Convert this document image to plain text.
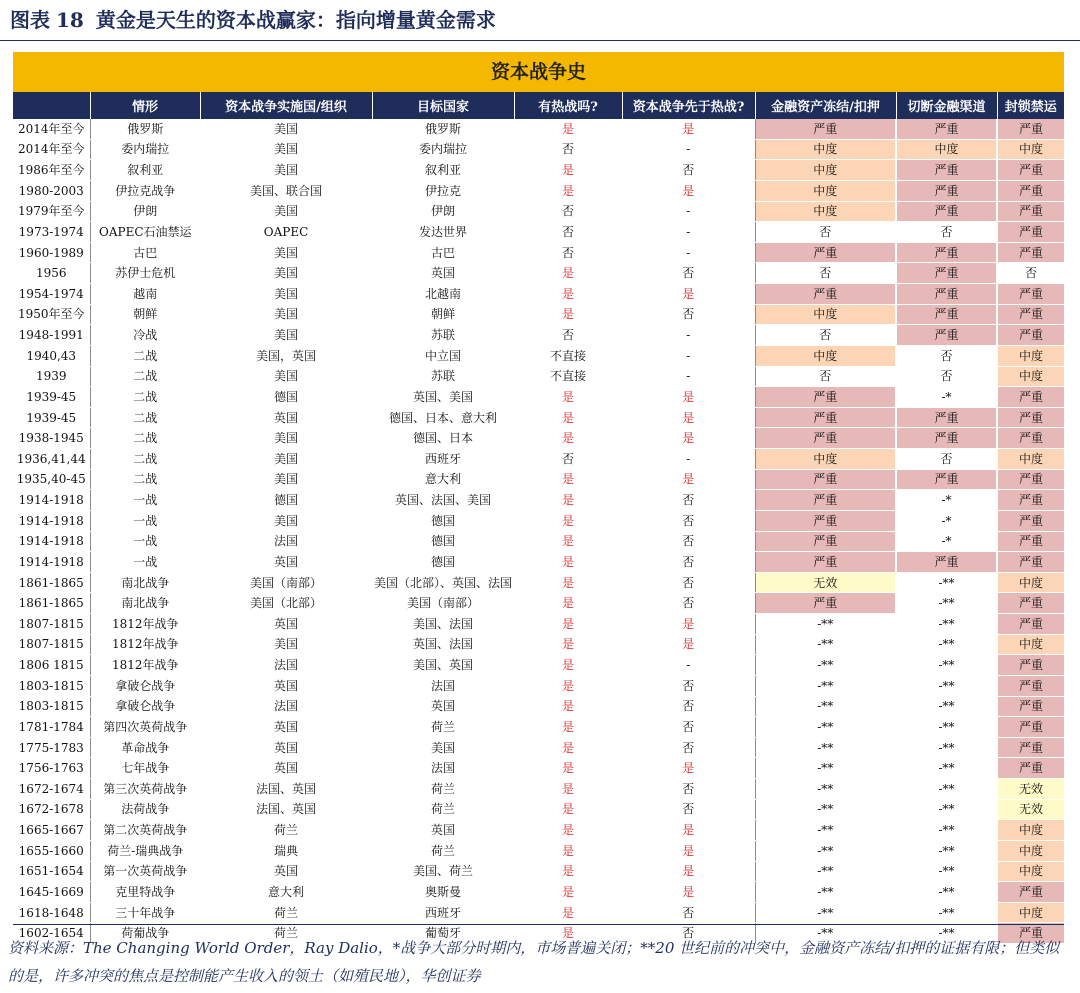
图表 18 黄金是天生的资本战赢家：指向增量黄金需求
资本战争史
	情形	资本战争实施国/组织	目标国家	有热战吗?	资本战争先于热战?	金融资产冻结/扣押	切断金融渠道	封锁禁运
2014年至今	俄罗斯	美国	俄罗斯	是	是	严重	严重	严重
2014年至今	委内瑞拉	美国	委内瑞拉	否	-	中度	中度	中度
1986年至今	叙利亚	美国	叙利亚	是	否	中度	严重	严重
1980-2003	伊拉克战争	美国、联合国	伊拉克	是	是	中度	严重	严重
1979年至今	伊朗	美国	伊朗	否	-	中度	严重	严重
1973-1974	OAPEC石油禁运	OAPEC	发达世界	否	-	否	否	严重
1960-1989	古巴	美国	古巴	否	-	严重	严重	严重
1956	苏伊士危机	美国	英国	是	否	否	严重	否
1954-1974	越南	美国	北越南	是	是	严重	严重	严重
1950年至今	朝鲜	美国	朝鲜	是	否	中度	严重	严重
1948-1991	冷战	美国	苏联	否	-	否	严重	严重
1940,43	二战	美国，英国	中立国	不直接	-	中度	否	中度
1939	二战	美国	苏联	不直接	-	否	否	中度
1939-45	二战	德国	英国、美国	是	是	严重	-*	严重
1939-45	二战	英国	德国、日本、意大利	是	是	严重	严重	严重
1938-1945	二战	美国	德国、日本	是	是	严重	严重	严重
1936,41,44	二战	美国	西班牙	否	-	中度	否	中度
1935,40-45	二战	美国	意大利	是	是	严重	严重	严重
1914-1918	一战	德国	英国、法国、美国	是	否	严重	-*	严重
1914-1918	一战	美国	德国	是	否	严重	-*	严重
1914-1918	一战	法国	德国	是	否	严重	-*	严重
1914-1918	一战	英国	德国	是	否	严重	严重	严重
1861-1865	南北战争	美国（南部）	美国（北部）、英国、法国	是	否	无效	-**	中度
1861-1865	南北战争	美国（北部）	美国（南部）	是	否	严重	-**	严重
1807-1815	1812年战争	英国	美国、法国	是	是	-**	-**	严重
1807-1815	1812年战争	美国	英国、法国	是	是	-**	-**	中度
1806 1815	1812年战争	法国	美国、英国	是	-	-**	-**	严重
1803-1815	拿破仑战争	英国	法国	是	否	-**	-**	严重
1803-1815	拿破仑战争	法国	英国	是	否	-**	-**	严重
1781-1784	第四次英荷战争	英国	荷兰	是	否	-**	-**	严重
1775-1783	革命战争	英国	美国	是	否	-**	-**	严重
1756-1763	七年战争	英国	法国	是	是	-**	-**	严重
1672-1674	第三次英荷战争	法国、英国	荷兰	是	否	-**	-**	无效
1672-1678	法荷战争	法国、英国	荷兰	是	否	-**	-**	无效
1665-1667	第二次英荷战争	荷兰	英国	是	是	-**	-**	中度
1655-1660	荷兰-瑞典战争	瑞典	荷兰	是	是	-**	-**	中度
1651-1654	第一次英荷战争	英国	美国、荷兰	是	是	-**	-**	中度
1645-1669	克里特战争	意大利	奥斯曼	是	是	-**	-**	严重
1618-1648	三十年战争	荷兰	西班牙	是	否	-**	-**	中度
1602-1654	荷葡战争	荷兰	葡萄牙	是	否	-**	-**	严重
资料来源：The Changing World Order，Ray Dalio，*战争大部分时期内，市场普遍关闭；**20 世纪前的冲突中，金融资产冻结/扣押的证据有限；但类似的是，许多冲突的焦点是控制能产生收入的领土（如殖民地），华创证券
